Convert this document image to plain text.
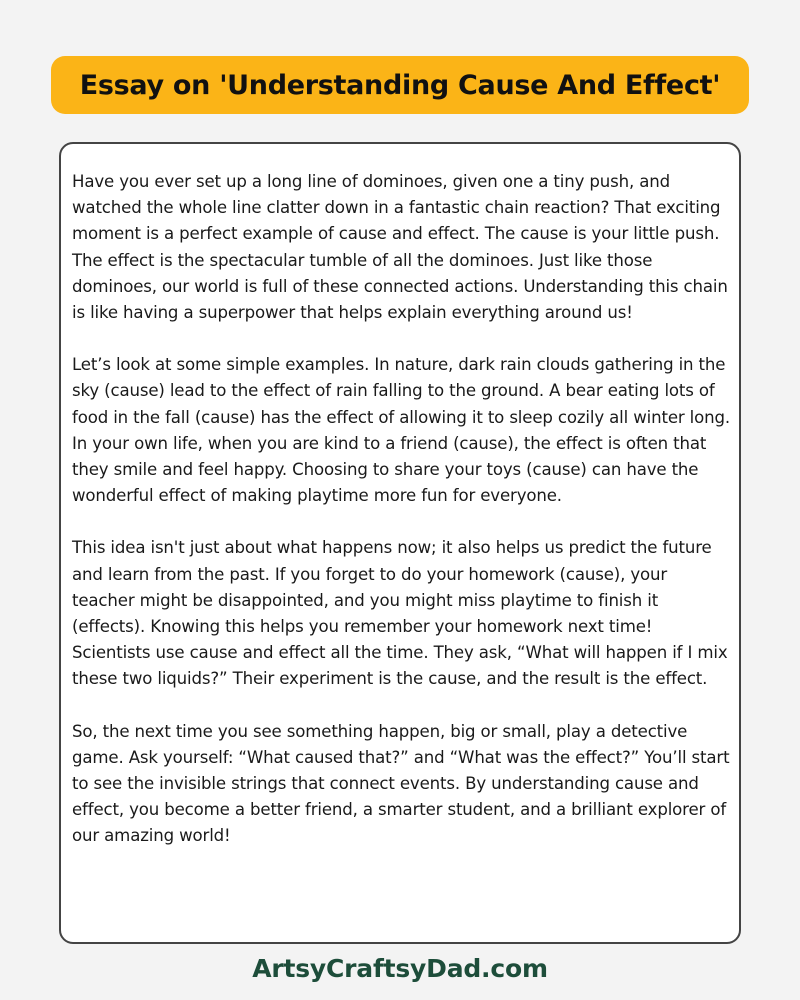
Essay on 'Understanding Cause And Effect'

Have you ever set up a long line of dominoes, given one a tiny push, and watched the whole line clatter down in a fantastic chain reaction? That exciting moment is a perfect example of cause and effect. The cause is your little push. The effect is the spectacular tumble of all the dominoes. Just like those dominoes, our world is full of these connected actions. Understanding this chain is like having a superpower that helps explain everything around us!

Let’s look at some simple examples. In nature, dark rain clouds gathering in the sky (cause) lead to the effect of rain falling to the ground. A bear eating lots of food in the fall (cause) has the effect of allowing it to sleep cozily all winter long. In your own life, when you are kind to a friend (cause), the effect is often that they smile and feel happy. Choosing to share your toys (cause) can have the wonderful effect of making playtime more fun for everyone.

This idea isn't just about what happens now; it also helps us predict the future and learn from the past. If you forget to do your homework (cause), your teacher might be disappointed, and you might miss playtime to finish it (effects). Knowing this helps you remember your homework next time! Scientists use cause and effect all the time. They ask, “What will happen if I mix these two liquids?” Their experiment is the cause, and the result is the effect.

So, the next time you see something happen, big or small, play a detective game. Ask yourself: “What caused that?” and “What was the effect?” You’ll start to see the invisible strings that connect events. By understanding cause and effect, you become a better friend, a smarter student, and a brilliant explorer of our amazing world!

ArtsyCraftsyDad.com
